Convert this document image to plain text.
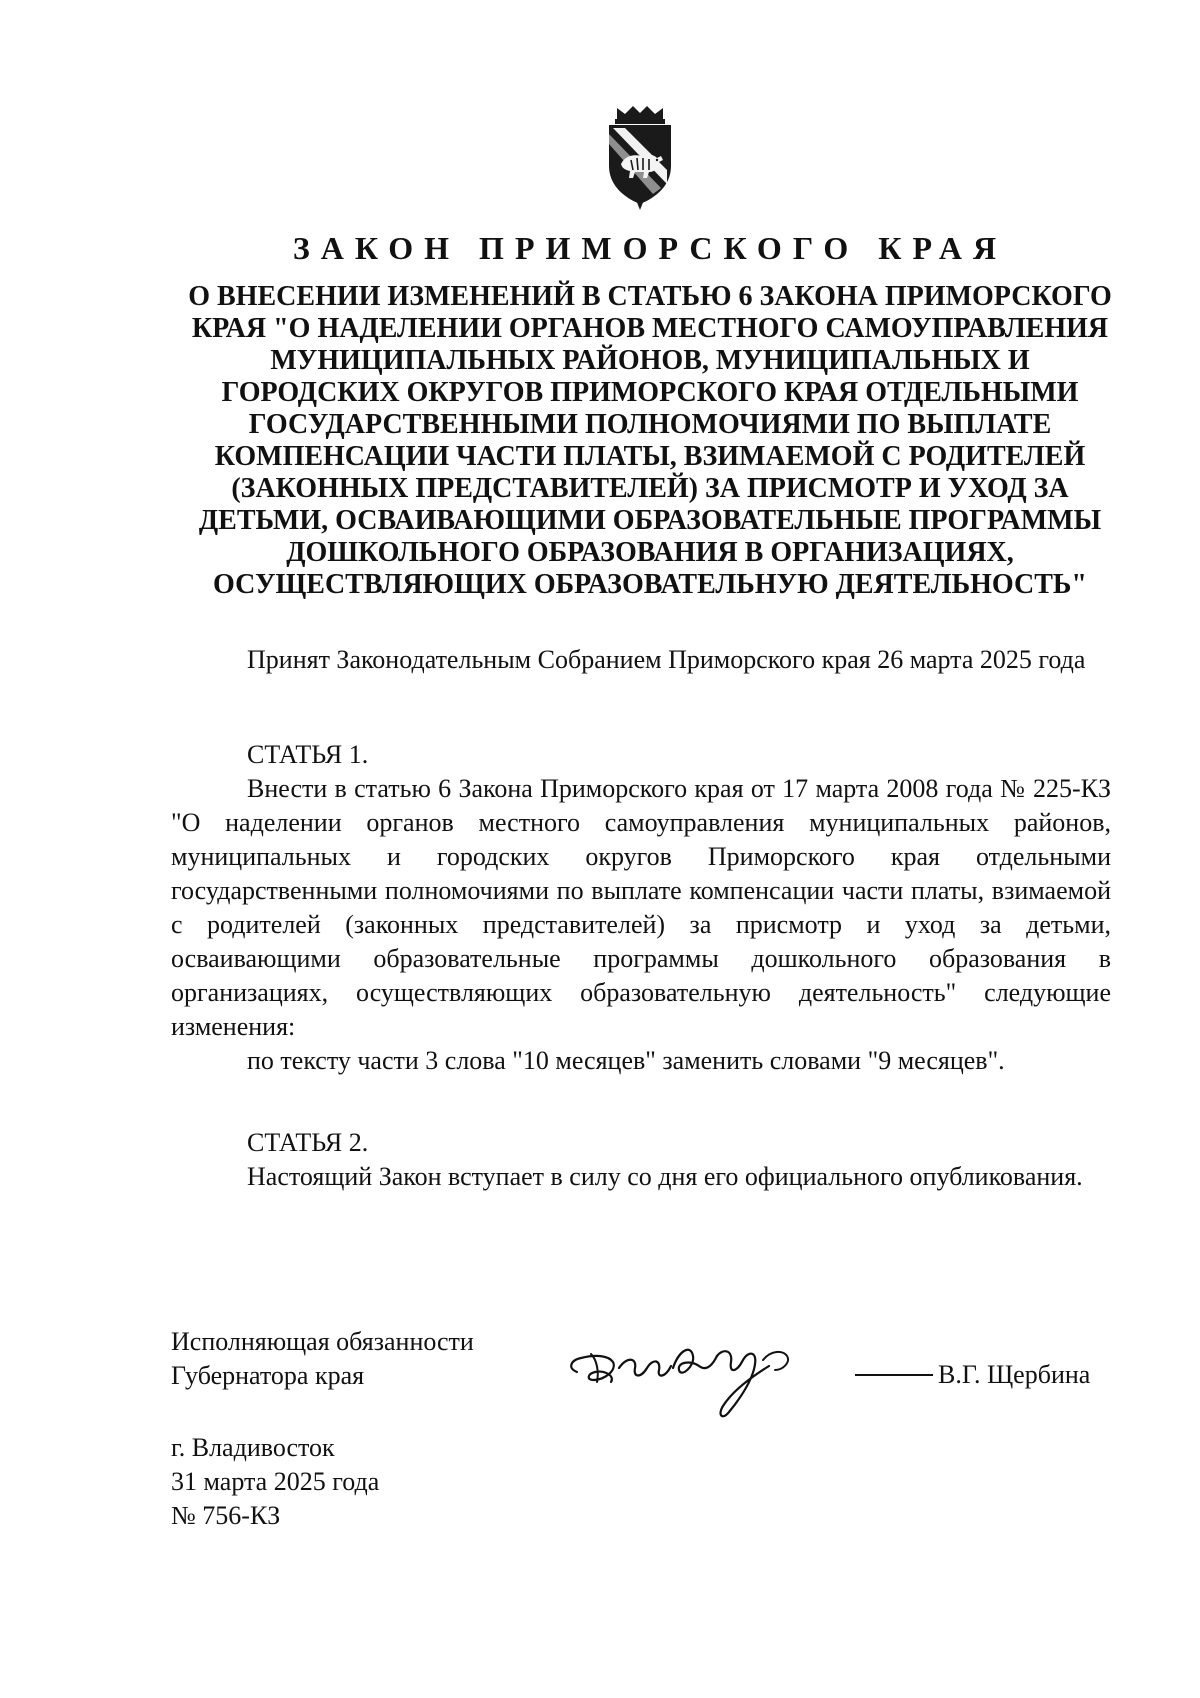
ЗАКОН ПРИМОРСКОГО КРАЯ
О ВНЕСЕНИИ ИЗМЕНЕНИЙ В СТАТЬЮ 6 ЗАКОНА ПРИМОРСКОГО
КРАЯ "О НАДЕЛЕНИИ ОРГАНОВ МЕСТНОГО САМОУПРАВЛЕНИЯ
МУНИЦИПАЛЬНЫХ РАЙОНОВ, МУНИЦИПАЛЬНЫХ И
ГОРОДСКИХ ОКРУГОВ ПРИМОРСКОГО КРАЯ ОТДЕЛЬНЫМИ
ГОСУДАРСТВЕННЫМИ ПОЛНОМОЧИЯМИ ПО ВЫПЛАТЕ
КОМПЕНСАЦИИ ЧАСТИ ПЛАТЫ, ВЗИМАЕМОЙ С РОДИТЕЛЕЙ
(ЗАКОННЫХ ПРЕДСТАВИТЕЛЕЙ) ЗА ПРИСМОТР И УХОД ЗА
ДЕТЬМИ, ОСВАИВАЮЩИМИ ОБРАЗОВАТЕЛЬНЫЕ ПРОГРАММЫ
ДОШКОЛЬНОГО ОБРАЗОВАНИЯ В ОРГАНИЗАЦИЯХ,
ОСУЩЕСТВЛЯЮЩИХ ОБРАЗОВАТЕЛЬНУЮ ДЕЯТЕЛЬНОСТЬ"

Принят Законодательным Собранием Приморского края 26 марта 2025 года

СТАТЬЯ 1.

Внести в статью 6 Закона Приморского края от 17 марта 2008 года № 225-КЗ "О наделении органов местного самоуправления муниципальных районов, муниципальных и городских округов Приморского края отдельными государственными полномочиями по выплате компенсации части платы, взимаемой с родителей (законных представителей) за присмотр и уход за детьми, осваивающими образовательные программы дошкольного образования в организациях, осуществляющих образовательную деятельность" следующие изменения:

по тексту части 3 слова "10 месяцев" заменить словами "9 месяцев".

СТАТЬЯ 2.

Настоящий Закон вступает в силу со дня его официального опубликования.

Исполняющая обязанности
Губернатора края	В.Г. Щербина
г. Владивосток
31 марта 2025 года
№ 756-КЗ
